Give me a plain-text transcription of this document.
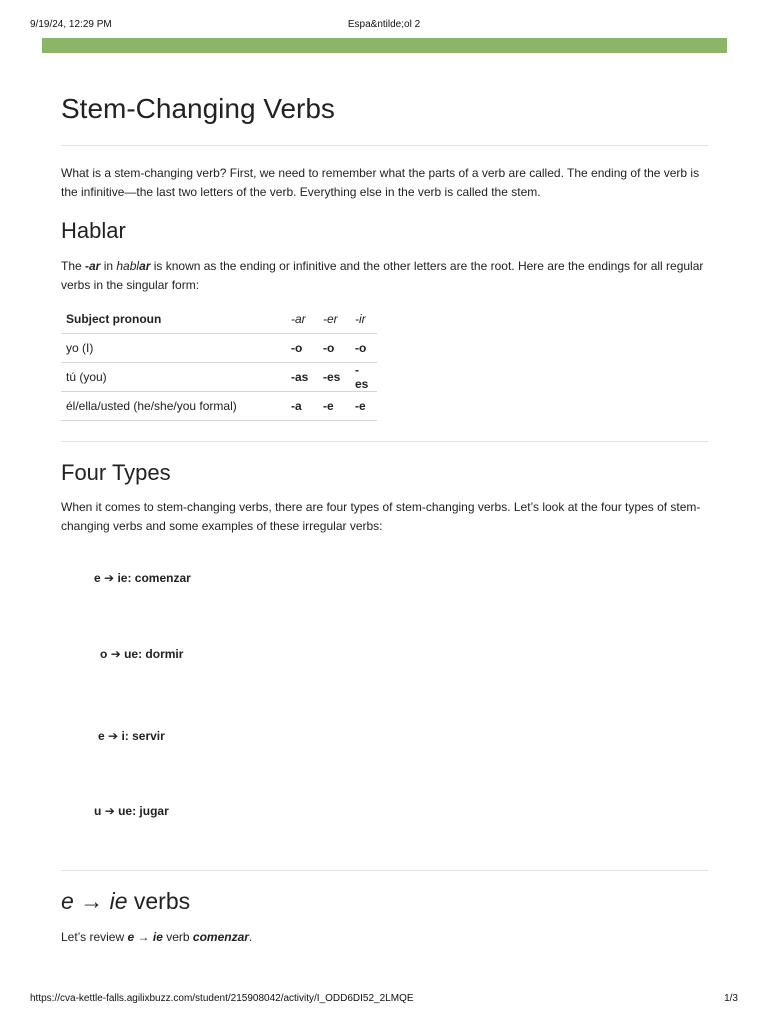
9/19/24, 12:29 PM	Espa&ntilde;ol 2
Stem-Changing Verbs

What is a stem-changing verb? First, we need to remember what the parts of a verb are called. The ending of the verb is the infinitive—the last two letters of the verb. Everything else in the verb is called the stem.

Hablar

The -ar in hablar is known as the ending or infinitive and the other letters are the root. Here are the endings for all regular verbs in the singular form:

Subject pronoun	-ar	-er	-ir
yo (I)	-o	-o	-o
tú (you)	-as	-es	-es
él/ella/usted (he/she/you formal)	-a	-e	-e
Four Types

When it comes to stem-changing verbs, there are four types of stem-changing verbs. Let’s look at the four types of stem-changing verbs and some examples of these irregular verbs:

e ➔ ie: comenzar
o ➔ ue: dormir
e ➔ i: servir
u ➔ ue: jugar
e → ie verbs

Let’s review e → ie verb comenzar.

https://cva-kettle-falls.agilixbuzz.com/student/215908042/activity/I_ODD6DI52_2LMQE	1/3
